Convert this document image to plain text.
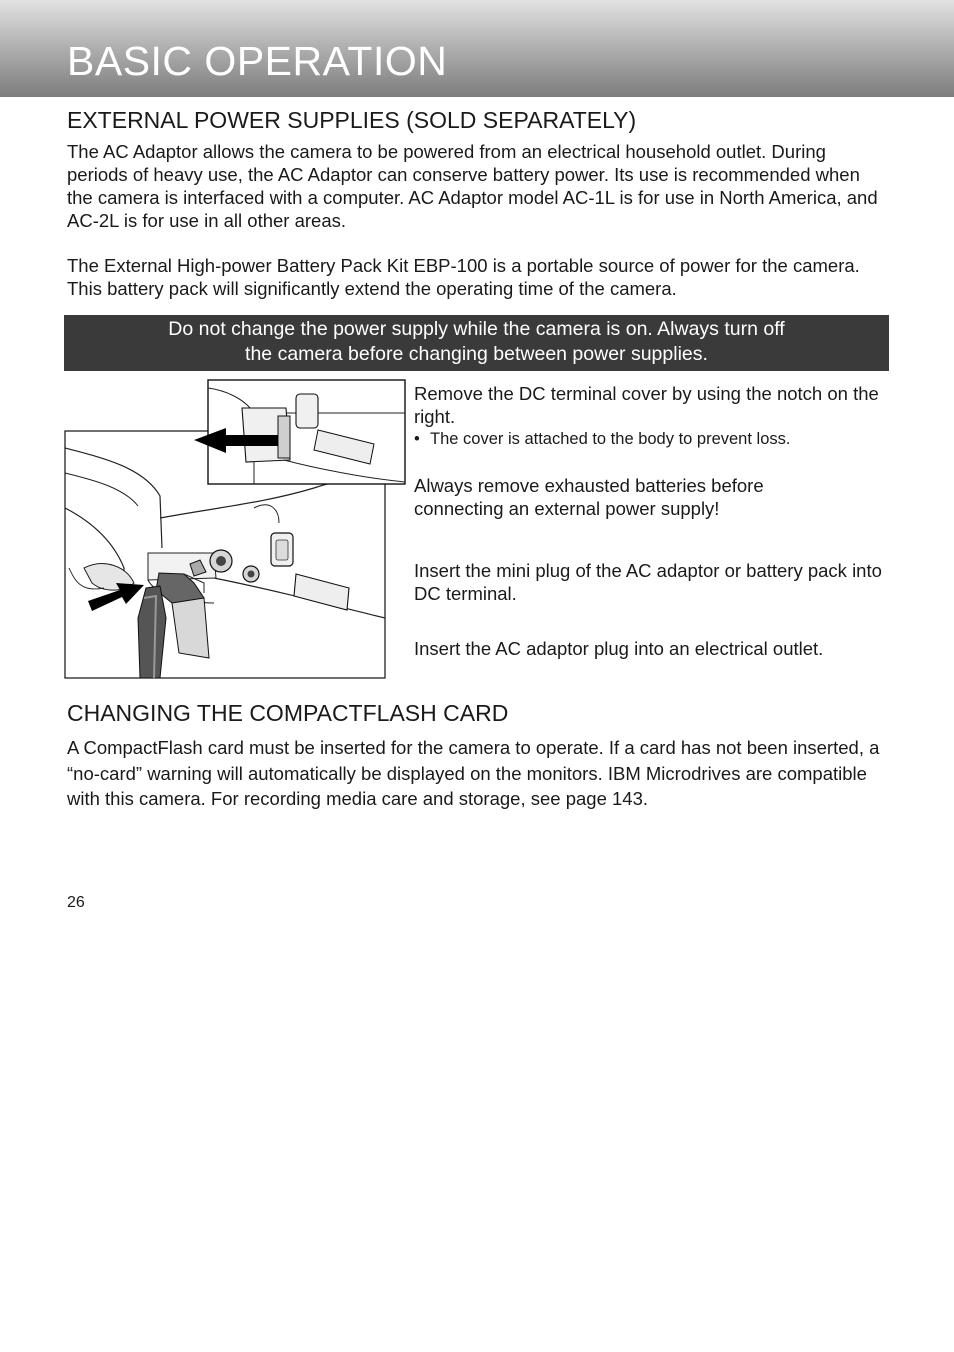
BASIC OPERATION
EXTERNAL POWER SUPPLIES (SOLD SEPARATELY)

The AC Adaptor allows the camera to be powered from an electrical household outlet. During periods of heavy use, the AC Adaptor can conserve battery power. Its use is recommended when the camera is interfaced with a computer. AC Adaptor model AC-1L is for use in North America, and AC-2L is for use in all other areas.

The External High-power Battery Pack Kit EBP-100 is a portable source of power for the camera. This battery pack will significantly extend the operating time of the camera.

Do not change the power supply while the camera is on. Always turn off
the camera before changing between power supplies.

Remove the DC terminal cover by using the notch on the right.

• The cover is attached to the body to prevent loss.

Always remove exhausted batteries before connecting an external power supply!

Insert the mini plug of the AC adaptor or battery pack into DC terminal.

Insert the AC adaptor plug into an electrical outlet.

CHANGING THE COMPACTFLASH CARD

A CompactFlash card must be inserted for the camera to operate. If a card has not been inserted, a “no-card” warning will automatically be displayed on the monitors. IBM Microdrives are compatible with this camera. For recording media care and storage, see page 143.

26
